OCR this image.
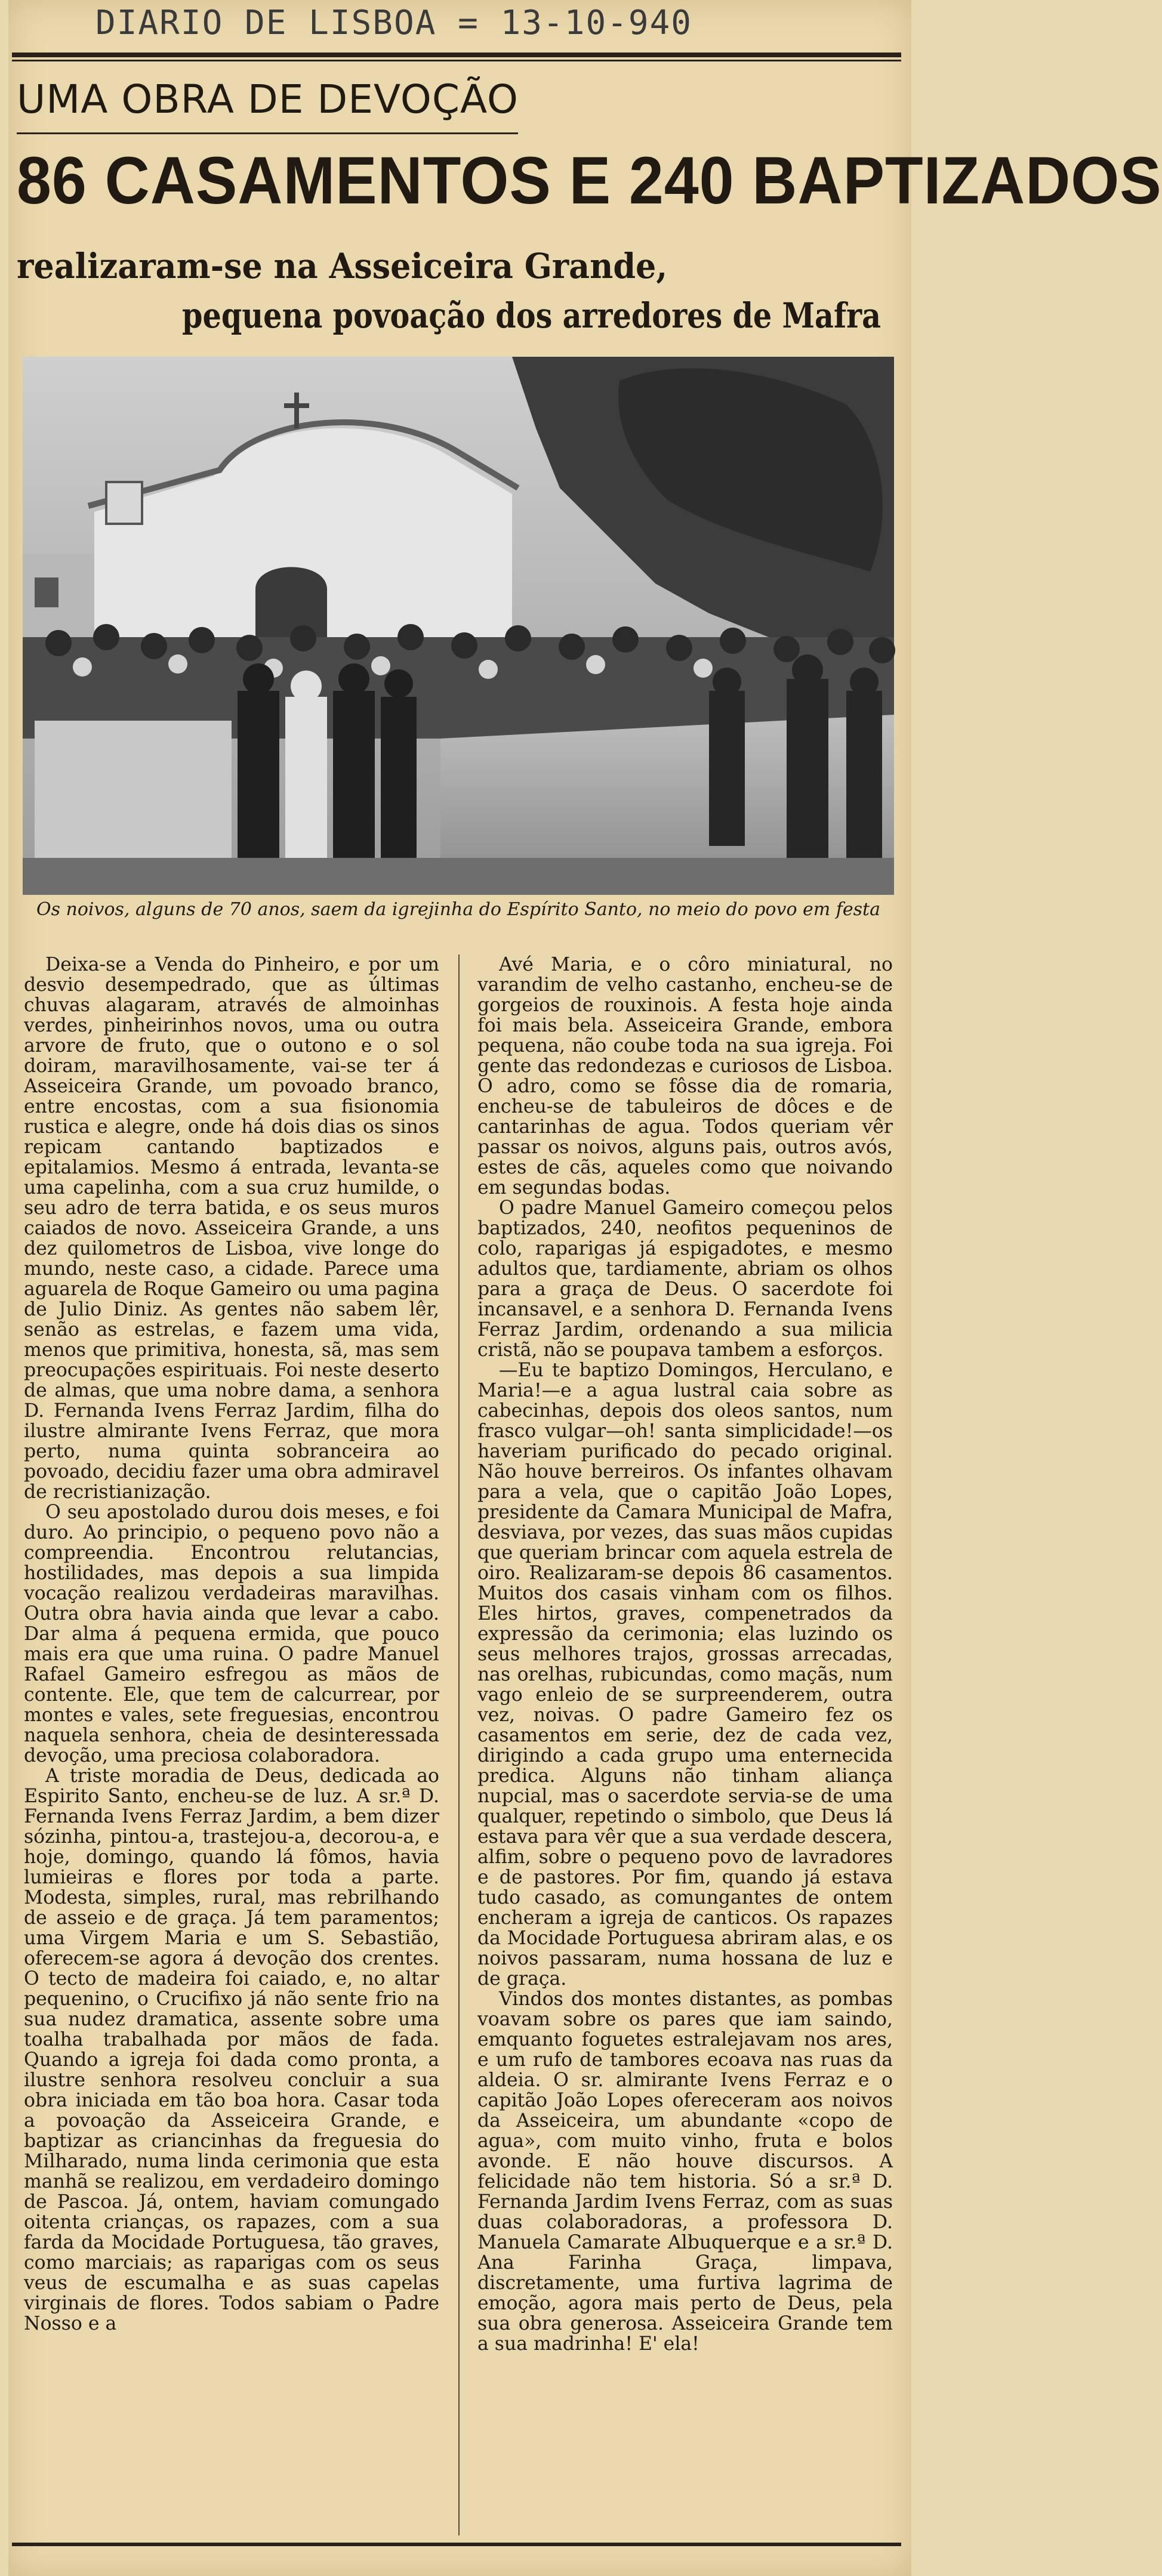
DIARIO DE LISBOA = 13-10-940
UMA OBRA DE DEVOÇÃO
86 CASAMENTOS E 240 BAPTIZADOS
realizaram-se na Asseiceira Grande,
pequena povoação dos arredores de Mafra
Os noivos, alguns de 70 anos, saem da igrejinha do Espírito Santo, no meio do povo em festa

Deixa-se a Venda do Pinheiro, e por um desvio desempedrado, que as últimas chuvas alagaram, através de almoinhas verdes, pinheirinhos novos, uma ou outra arvore de fruto, que o outono e o sol doiram, maravilhosamente, vai-se ter á Asseiceira Grande, um povoado branco, entre encostas, com a sua fisionomia rustica e alegre, onde há dois dias os sinos repicam cantando baptizados e epitalamios. Mesmo á entrada, levanta-se uma capelinha, com a sua cruz humilde, o seu adro de terra batida, e os seus muros caiados de novo. Asseiceira Grande, a uns dez quilometros de Lisboa, vive longe do mundo, neste caso, a cidade. Parece uma aguarela de Roque Gameiro ou uma pagina de Julio Diniz. As gentes não sabem lêr, senão as estrelas, e fazem uma vida, menos que primitiva, honesta, sã, mas sem preocupações espirituais. Foi neste deserto de almas, que uma nobre dama, a senhora D. Fernanda Ivens Ferraz Jardim, filha do ilustre almirante Ivens Ferraz, que mora perto, numa quinta sobranceira ao povoado, decidiu fazer uma obra admiravel de recristianização.

O seu apostolado durou dois meses, e foi duro. Ao principio, o pequeno povo não a compreendia. Encontrou relutancias, hostilidades, mas depois a sua limpida vocação realizou verdadeiras maravilhas. Outra obra havia ainda que levar a cabo. Dar alma á pequena ermida, que pouco mais era que uma ruina. O padre Manuel Rafael Gameiro esfregou as mãos de contente. Ele, que tem de calcurrear, por montes e vales, sete freguesias, encontrou naquela senhora, cheia de desinteressada devoção, uma preciosa colaboradora.

A triste moradia de Deus, dedicada ao Espirito Santo, encheu-se de luz. A sr.ª D. Fernanda Ivens Ferraz Jardim, a bem dizer sózinha, pintou-a, trastejou-a, decorou-a, e hoje, domingo, quando lá fômos, havia lumieiras e flores por toda a parte. Modesta, simples, rural, mas rebrilhando de asseio e de graça. Já tem paramentos; uma Virgem Maria e um S. Sebastião, oferecem-se agora á devoção dos crentes. O tecto de madeira foi caiado, e, no altar pequenino, o Crucifixo já não sente frio na sua nudez dramatica, assente sobre uma toalha trabalhada por mãos de fada. Quando a igreja foi dada como pronta, a ilustre senhora resolveu concluir a sua obra iniciada em tão boa hora. Casar toda a povoação da Asseiceira Grande, e baptizar as criancinhas da freguesia do Milharado, numa linda cerimonia que esta manhã se realizou, em verdadeiro domingo de Pascoa. Já, ontem, haviam comungado oitenta crianças, os rapazes, com a sua farda da Mocidade Portuguesa, tão graves, como marciais; as raparigas com os seus veus de escumalha e as suas capelas virginais de flores. Todos sabiam o Padre Nosso e a

Avé Maria, e o côro miniatural, no varandim de velho castanho, encheu-se de gorgeios de rouxinois. A festa hoje ainda foi mais bela. Asseiceira Grande, embora pequena, não coube toda na sua igreja. Foi gente das redondezas e curiosos de Lisboa. O adro, como se fôsse dia de romaria, encheu-se de tabuleiros de dôces e de cantarinhas de agua. Todos queriam vêr passar os noivos, alguns pais, outros avós, estes de cãs, aqueles como que noivando em segundas bodas.

O padre Manuel Gameiro começou pelos baptizados, 240, neofitos pequeninos de colo, raparigas já espigadotes, e mesmo adultos que, tardiamente, abriam os olhos para a graça de Deus. O sacerdote foi incansavel, e a senhora D. Fernanda Ivens Ferraz Jardim, ordenando a sua milicia cristã, não se poupava tambem a esforços.

—Eu te baptizo Domingos, Herculano, e Maria!—e a agua lustral caia sobre as cabecinhas, depois dos oleos santos, num frasco vulgar—oh! santa simplicidade!—os haveriam purificado do pecado original. Não houve berreiros. Os infantes olhavam para a vela, que o capitão João Lopes, presidente da Camara Municipal de Mafra, desviava, por vezes, das suas mãos cupidas que queriam brincar com aquela estrela de oiro. Realizaram-se depois 86 casamentos. Muitos dos casais vinham com os filhos. Eles hirtos, graves, compenetrados da expressão da cerimonia; elas luzindo os seus melhores trajos, grossas arrecadas, nas orelhas, rubicundas, como maçãs, num vago enleio de se surpreenderem, outra vez, noivas. O padre Gameiro fez os casamentos em serie, dez de cada vez, dirigindo a cada grupo uma enternecida predica. Alguns não tinham aliança nupcial, mas o sacerdote servia-se de uma qualquer, repetindo o simbolo, que Deus lá estava para vêr que a sua verdade descera, alfim, sobre o pequeno povo de lavradores e de pastores. Por fim, quando já estava tudo casado, as comungantes de ontem encheram a igreja de canticos. Os rapazes da Mocidade Portuguesa abriram alas, e os noivos passaram, numa hossana de luz e de graça.

Vindos dos montes distantes, as pombas voavam sobre os pares que iam saindo, emquanto foguetes estralejavam nos ares, e um rufo de tambores ecoava nas ruas da aldeia. O sr. almirante Ivens Ferraz e o capitão João Lopes ofereceram aos noivos da Asseiceira, um abundante «copo de agua», com muito vinho, fruta e bolos avonde. E não houve discursos. A felicidade não tem historia. Só a sr.ª D. Fernanda Jardim Ivens Ferraz, com as suas duas colaboradoras, a professora D. Manuela Camarate Albuquerque e a sr.ª D. Ana Farinha Graça, limpava, discretamente, uma furtiva lagrima de emoção, agora mais perto de Deus, pela sua obra generosa. Asseiceira Grande tem a sua madrinha! E' ela!
